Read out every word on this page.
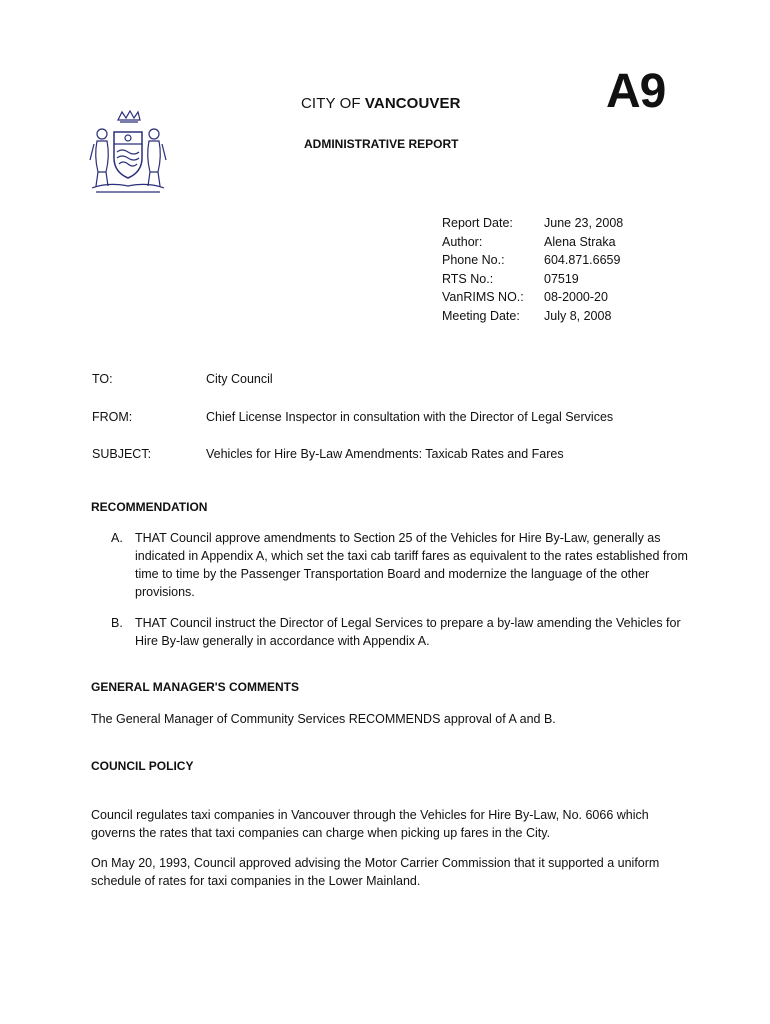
CITY OF VANCOUVER	A9
ADMINISTRATIVE REPORT
Report Date:	June 23, 2008
Author:	Alena Straka
Phone No.:	604.871.6659
RTS No.:	07519
VanRIMS NO.:	08-2000-20
Meeting Date:	July 8, 2008
TO:	City Council
FROM:	Chief License Inspector in consultation with the Director of Legal Services
SUBJECT:	Vehicles for Hire By-Law Amendments: Taxicab Rates and Fares
RECOMMENDATION
A. THAT Council approve amendments to Section 25 of the Vehicles for Hire By-Law, generally as indicated in Appendix A, which set the taxi cab tariff fares as equivalent to the rates established from time to time by the Passenger Transportation Board and modernize the language of the other provisions.
B. THAT Council instruct the Director of Legal Services to prepare a by-law amending the Vehicles for Hire By-law generally in accordance with Appendix A.
GENERAL MANAGER'S COMMENTS
The General Manager of Community Services RECOMMENDS approval of A and B.
COUNCIL POLICY
Council regulates taxi companies in Vancouver through the Vehicles for Hire By-Law, No. 6066 which governs the rates that taxi companies can charge when picking up fares in the City.
On May 20, 1993, Council approved advising the Motor Carrier Commission that it supported a uniform schedule of rates for taxi companies in the Lower Mainland.
